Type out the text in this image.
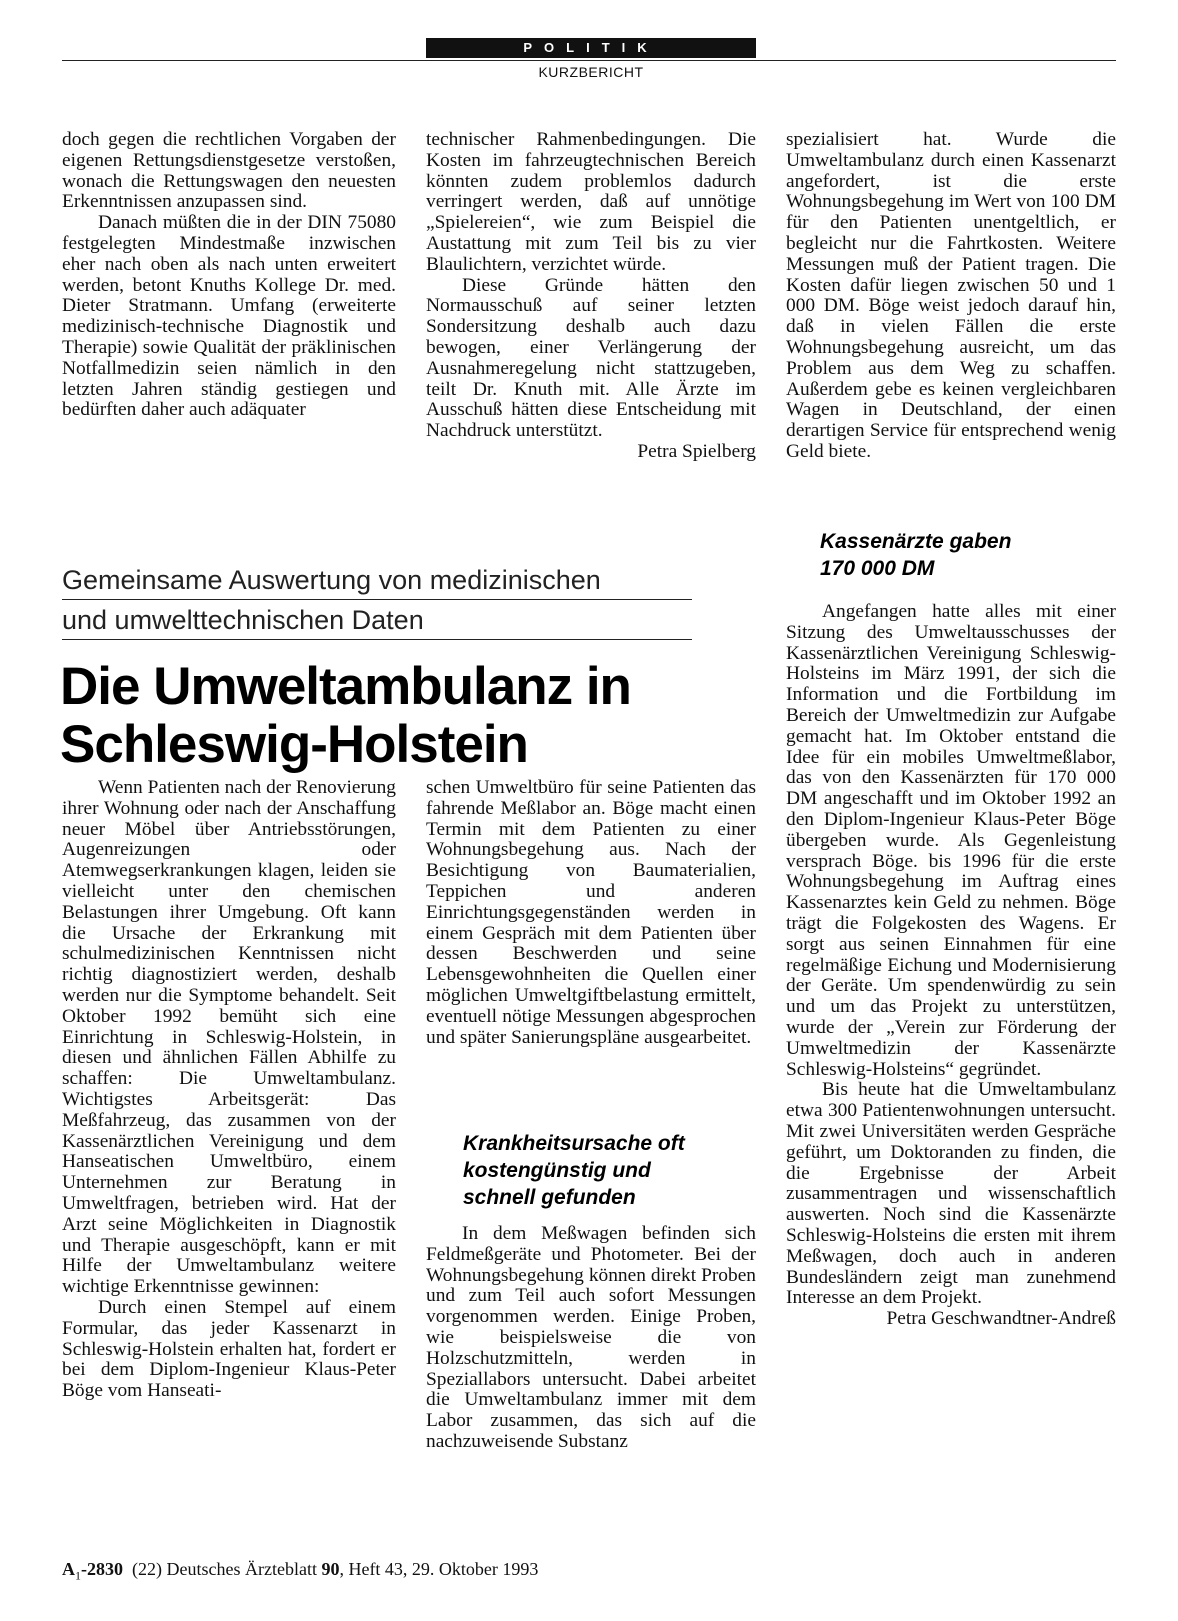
POLITIK
KURZBERICHT

doch gegen die rechtlichen Vorgaben der eigenen Rettungsdienstgesetze verstoßen, wonach die Rettungswagen den neuesten Erkenntnissen anzupassen sind.

Danach müßten die in der DIN 75080 festgelegten Mindestmaße inzwischen eher nach oben als nach unten erweitert werden, betont Knuths Kollege Dr. med. Dieter Stratmann. Umfang (erweiterte medizinisch-technische Diagnostik und Therapie) sowie Qualität der präklinischen Notfallmedizin seien nämlich in den letzten Jahren ständig gestiegen und bedürften daher auch adäquater

technischer Rahmenbedingungen. Die Kosten im fahrzeugtechnischen Bereich könnten zudem problemlos dadurch verringert werden, daß auf unnötige „Spielereien“, wie zum Beispiel die Austattung mit zum Teil bis zu vier Blaulichtern, verzichtet würde.

Diese Gründe hätten den Normausschuß auf seiner letzten Sondersitzung deshalb auch dazu bewogen, einer Verlängerung der Ausnahmeregelung nicht stattzugeben, teilt Dr. Knuth mit. Alle Ärzte im Ausschuß hätten diese Entscheidung mit Nachdruck unterstützt.

Petra Spielberg

spezialisiert hat. Wurde die Umweltambulanz durch einen Kassenarzt angefordert, ist die erste Wohnungsbegehung im Wert von 100 DM für den Patienten unentgeltlich, er begleicht nur die Fahrtkosten. Weitere Messungen muß der Patient tragen. Die Kosten dafür liegen zwischen 50 und 1 000 DM. Böge weist jedoch darauf hin, daß in vielen Fällen die erste Wohnungsbegehung ausreicht, um das Problem aus dem Weg zu schaffen. Außerdem gebe es keinen vergleichbaren Wagen in Deutschland, der einen derartigen Service für entsprechend wenig Geld biete.

Gemeinsame Auswertung von medizinischen
und umwelttechnischen Daten
Die Umweltambulanz in
Schleswig-Holstein
Kassenärzte gaben
170 000 DM

Wenn Patienten nach der Renovierung ihrer Wohnung oder nach der Anschaffung neuer Möbel über Antriebsstörungen, Augenreizungen oder Atemwegserkrankungen klagen, leiden sie vielleicht unter den chemischen Belastungen ihrer Umgebung. Oft kann die Ursache der Erkrankung mit schulmedizinischen Kenntnissen nicht richtig diagnostiziert werden, deshalb werden nur die Symptome behandelt. Seit Oktober 1992 bemüht sich eine Einrichtung in Schleswig-Holstein, in diesen und ähnlichen Fällen Abhilfe zu schaffen: Die Umweltambulanz. Wichtigstes Arbeitsgerät: Das Meßfahrzeug, das zusammen von der Kassenärztlichen Vereinigung und dem Hanseatischen Umweltbüro, einem Unternehmen zur Beratung in Umweltfragen, betrieben wird. Hat der Arzt seine Möglichkeiten in Diagnostik und Therapie ausgeschöpft, kann er mit Hilfe der Umweltambulanz weitere wichtige Erkenntnisse gewinnen:

Durch einen Stempel auf einem Formular, das jeder Kassenarzt in Schleswig-Holstein erhalten hat, fordert er bei dem Diplom-Ingenieur Klaus-Peter Böge vom Hanseati-

schen Umweltbüro für seine Patienten das fahrende Meßlabor an. Böge macht einen Termin mit dem Patienten zu einer Wohnungsbegehung aus. Nach der Besichtigung von Baumaterialien, Teppichen und anderen Einrichtungsgegenständen werden in einem Gespräch mit dem Patienten über dessen Beschwerden und seine Lebensgewohnheiten die Quellen einer möglichen Umweltgiftbelastung ermittelt, eventuell nötige Messungen abgesprochen und später Sanierungspläne ausgearbeitet.

Krankheitsursache oft
kostengünstig und
schnell gefunden

In dem Meßwagen befinden sich Feldmeßgeräte und Photometer. Bei der Wohnungsbegehung können direkt Proben und zum Teil auch sofort Messungen vorgenommen werden. Einige Proben, wie beispielsweise die von Holzschutzmitteln, werden in Speziallabors untersucht. Dabei arbeitet die Umweltambulanz immer mit dem Labor zusammen, das sich auf die nachzuweisende Substanz

Angefangen hatte alles mit einer Sitzung des Umweltausschusses der Kassenärztlichen Vereinigung Schleswig-Holsteins im März 1991, der sich die Information und die Fortbildung im Bereich der Umweltmedizin zur Aufgabe gemacht hat. Im Oktober entstand die Idee für ein mobiles Umweltmeßlabor, das von den Kassenärzten für 170 000 DM angeschafft und im Oktober 1992 an den Diplom-Ingenieur Klaus-Peter Böge übergeben wurde. Als Gegenleistung versprach Böge. bis 1996 für die erste Wohnungsbegehung im Auftrag eines Kassenarztes kein Geld zu nehmen. Böge trägt die Folgekosten des Wagens. Er sorgt aus seinen Einnahmen für eine regelmäßige Eichung und Modernisierung der Geräte. Um spendenwürdig zu sein und um das Projekt zu unterstützen, wurde der „Verein zur Förderung der Umweltmedizin der Kassenärzte Schleswig-Holsteins“ gegründet.

Bis heute hat die Umweltambulanz etwa 300 Patientenwohnungen untersucht. Mit zwei Universitäten werden Gespräche geführt, um Doktoranden zu finden, die die Ergebnisse der Arbeit zusammentragen und wissenschaftlich auswerten. Noch sind die Kassenärzte Schleswig-Holsteins die ersten mit ihrem Meßwagen, doch auch in anderen Bundesländern zeigt man zunehmend Interesse an dem Projekt.

Petra Geschwandtner-Andreß

$A_1-2830$ (22) Deutsches Ärzteblatt 90, Heft 43, 29. Oktober 1993
